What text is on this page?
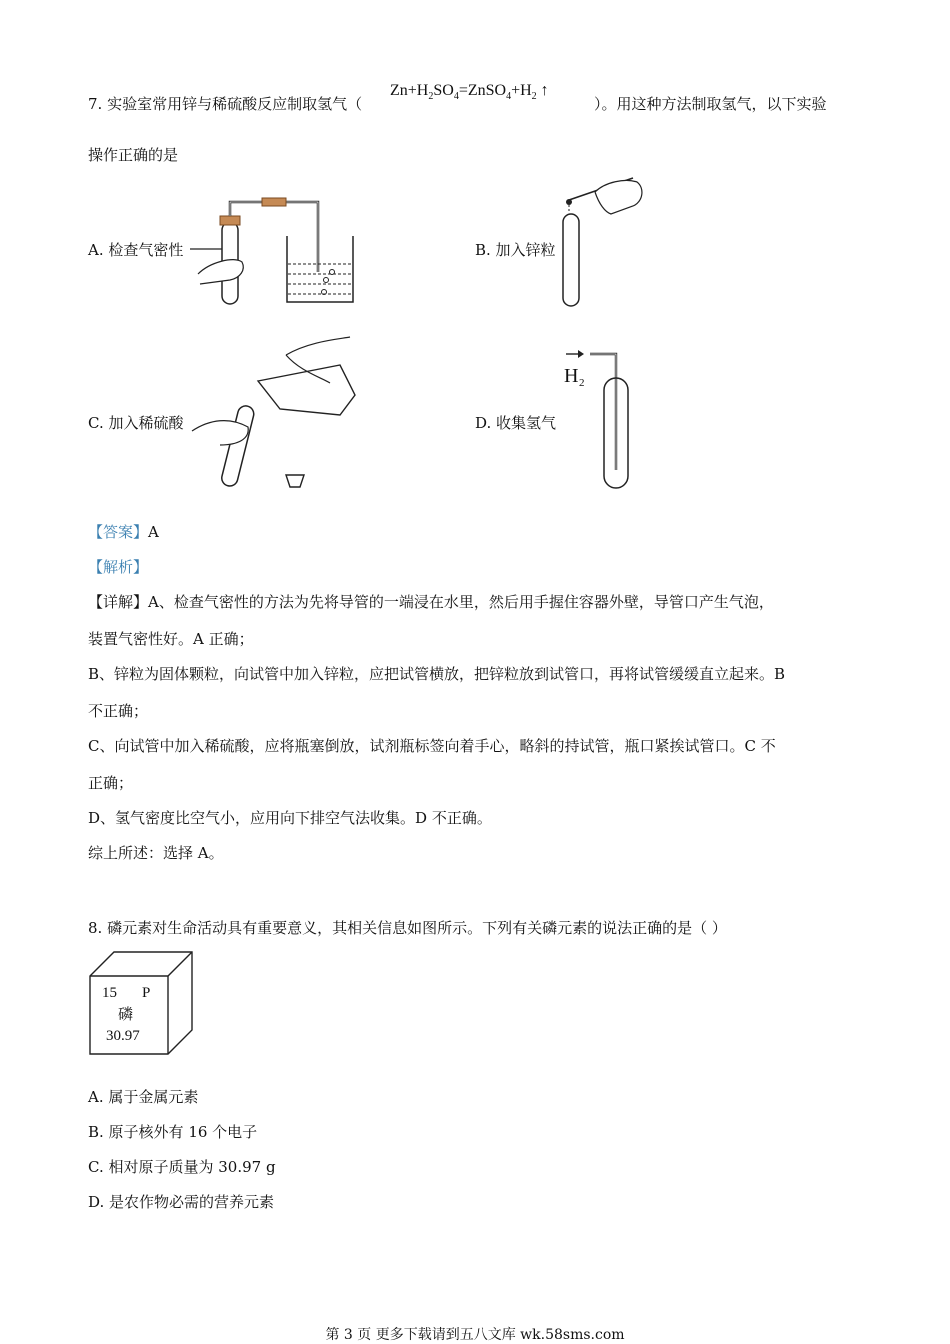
7. 实验室常用锌与稀硫酸反应制取氢气（
$Zn+H_2SO_4=ZnSO_4+H_2$ ↑
）。用这种方法制取氢气，以下实验
操作正确的是
A. 检查气密性	B. 加入锌粒
C. 加入稀硫酸	D. 收集氢气
H 2
【答案】A
【解析】
【详解】A、检查气密性的方法为先将导管的一端浸在水里，然后用手握住容器外壁，导管口产生气泡，
装置气密性好。A 正确；
B、锌粒为固体颗粒，向试管中加入锌粒，应把试管横放，把锌粒放到试管口，再将试管缓缓直立起来。B
不正确；
C、向试管中加入稀硫酸，应将瓶塞倒放，试剂瓶标签向着手心，略斜的持试管，瓶口紧挨试管口。C 不
正确；
D、氢气密度比空气小，应用向下排空气法收集。D 不正确。
综上所述：选择 A。
8. 磷元素对生命活动具有重要意义，其相关信息如图所示。下列有关磷元素的说法正确的是（ ）
15 P
磷
30.97
A. 属于金属元素
B. 原子核外有 16 个电子
C. 相对原子质量为 30.97 g
D. 是农作物必需的营养元素
第 3 页 更多下载请到五八文库 wk.58sms.com
